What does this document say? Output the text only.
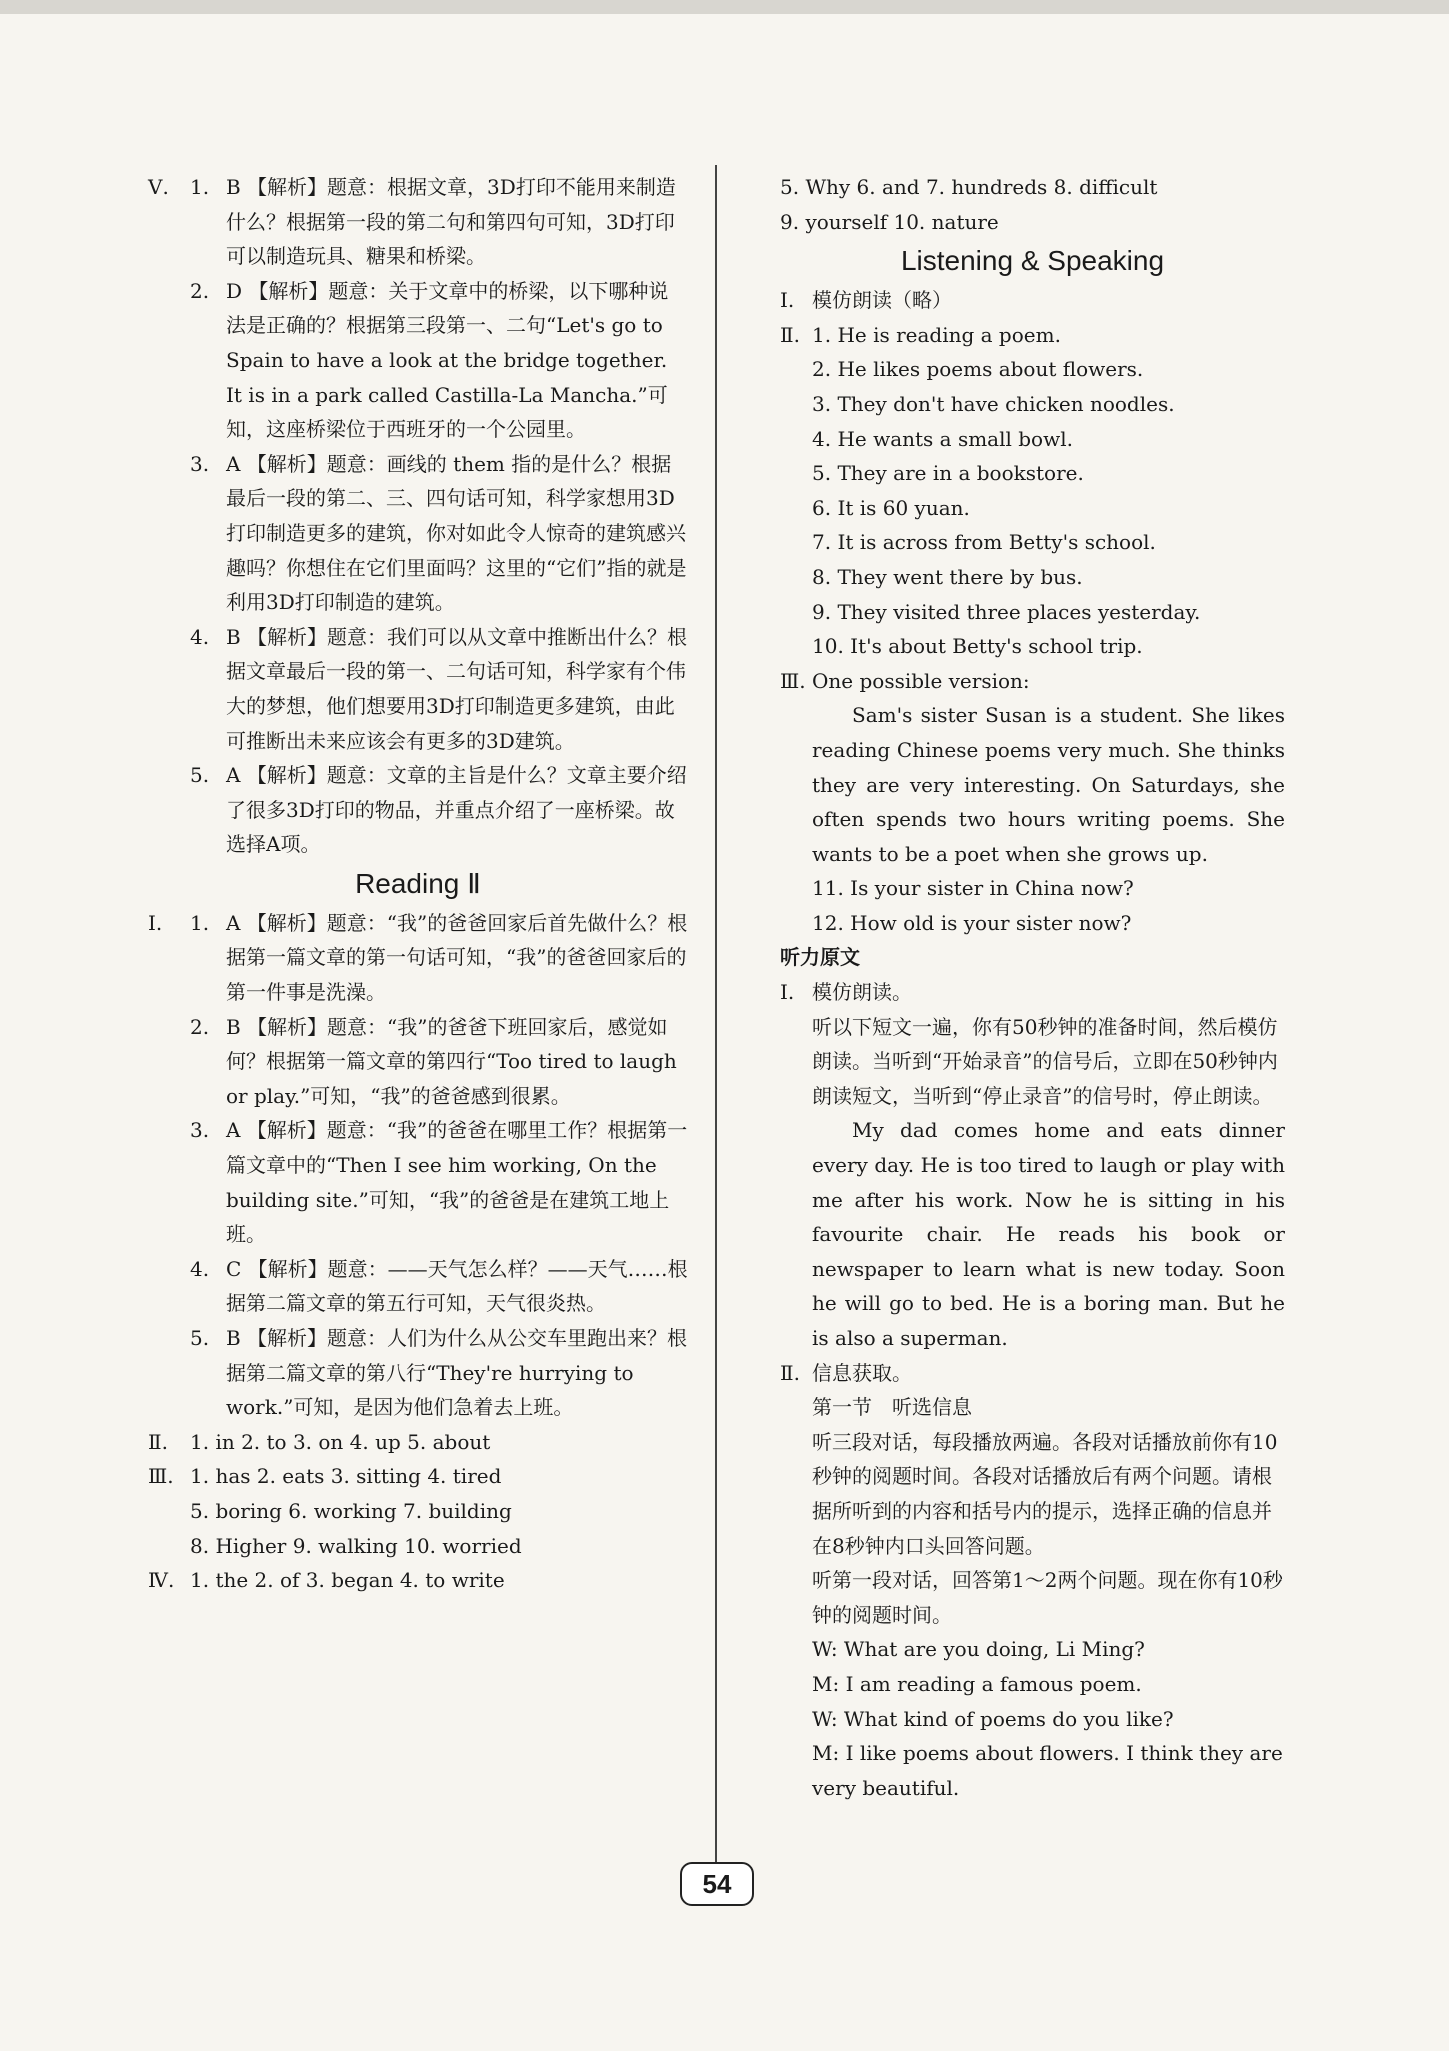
Ⅴ. 1. B 【解析】题意：根据文章，3D打印不能用来制造什么？根据第一段的第二句和第四句可知，3D打印可以制造玩具、糖果和桥梁。
2. D 【解析】题意：关于文章中的桥梁，以下哪种说法是正确的？根据第三段第一、二句“Let's go to Spain to have a look at the bridge together. It is in a park called Castilla-La Mancha.”可知，这座桥梁位于西班牙的一个公园里。
3. A 【解析】题意：画线的 them 指的是什么？根据最后一段的第二、三、四句话可知，科学家想用3D打印制造更多的建筑，你对如此令人惊奇的建筑感兴趣吗？你想住在它们里面吗？这里的“它们”指的就是利用3D打印制造的建筑。
4. B 【解析】题意：我们可以从文章中推断出什么？根据文章最后一段的第一、二句话可知，科学家有个伟大的梦想，他们想要用3D打印制造更多建筑，由此可推断出未来应该会有更多的3D建筑。
5. A 【解析】题意：文章的主旨是什么？文章主要介绍了很多3D打印的物品，并重点介绍了一座桥梁。故选择A项。
Reading Ⅱ
Ⅰ. 1. A 【解析】题意：“我”的爸爸回家后首先做什么？根据第一篇文章的第一句话可知，“我”的爸爸回家后的第一件事是洗澡。
2. B 【解析】题意：“我”的爸爸下班回家后，感觉如何？根据第一篇文章的第四行“Too tired to laugh or play.”可知，“我”的爸爸感到很累。
3. A 【解析】题意：“我”的爸爸在哪里工作？根据第一篇文章中的“Then I see him working, On the building site.”可知，“我”的爸爸是在建筑工地上班。
4. C 【解析】题意：——天气怎么样？——天气……根据第二篇文章的第五行可知，天气很炎热。
5. B 【解析】题意：人们为什么从公交车里跑出来？根据第二篇文章的第八行“They're hurrying to work.”可知，是因为他们急着去上班。
Ⅱ.	1. in 2. to 3. on 4. up 5. about
Ⅲ. 1. has 2. eats 3. sitting 4. tired
5. boring 6. working 7. building
8. Higher 9. walking 10. worried
Ⅳ. 1. the 2. of 3. began 4. to write
5. Why 6. and 7. hundreds 8. difficult
9. yourself 10. nature
Listening & Speaking
Ⅰ. 模仿朗读（略）
Ⅱ. 1. He is reading a poem.
2. He likes poems about flowers.
3. They don't have chicken noodles.
4. He wants a small bowl.
5. They are in a bookstore.
6. It is 60 yuan.
7. It is across from Betty's school.
8. They went there by bus.
9. They visited three places yesterday.
10. It's about Betty's school trip.
Ⅲ. One possible version:
Sam's sister Susan is a student. She likes reading Chinese poems very much. She thinks they are very interesting. On Saturdays, she often spends two hours writing poems. She wants to be a poet when she grows up.
11. Is your sister in China now?
12. How old is your sister now?
听力原文
Ⅰ. 模仿朗读。
听以下短文一遍，你有50秒钟的准备时间，然后模仿朗读。当听到“开始录音”的信号后，立即在50秒钟内朗读短文，当听到“停止录音”的信号时，停止朗读。
My dad comes home and eats dinner every day. He is too tired to laugh or play with me after his work. Now he is sitting in his favourite chair. He reads his book or newspaper to learn what is new today. Soon he will go to bed. He is a boring man. But he is also a superman.
Ⅱ. 信息获取。
第一节　听选信息
听三段对话，每段播放两遍。各段对话播放前你有10秒钟的阅题时间。各段对话播放后有两个问题。请根据所听到的内容和括号内的提示，选择正确的信息并在8秒钟内口头回答问题。
听第一段对话，回答第1～2两个问题。现在你有10秒钟的阅题时间。
W: What are you doing, Li Ming?
M: I am reading a famous poem.
W: What kind of poems do you like?
M: I like poems about flowers. I think they are very beautiful.
54
